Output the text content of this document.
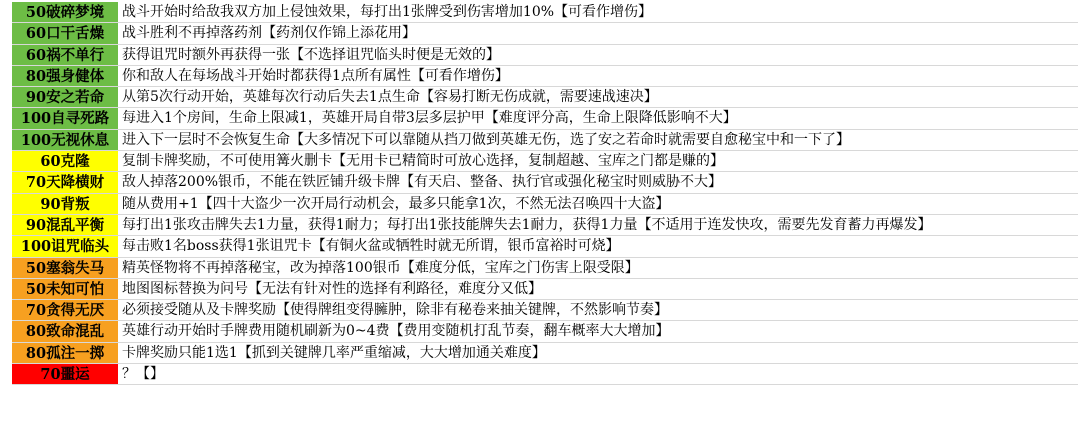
50破碎梦境	战斗开始时给敌我双方加上侵蚀效果，每打出1张牌受到伤害增加10%【可看作增伤】
60口干舌燥	战斗胜利不再掉落药剂【药剂仅作锦上添花用】
60祸不单行	获得诅咒时额外再获得一张【不选择诅咒临头时便是无效的】
80强身健体	你和敌人在每场战斗开始时都获得1点所有属性【可看作增伤】
90安之若命	从第5次行动开始，英雄每次行动后失去1点生命【容易打断无伤成就，需要速战速决】
100自寻死路 每进入1个房间，生命上限减1，英雄开局自带3层多层护甲【难度评分高，生命上限降低影响不大】
100无视休息 进入下一层时不会恢复生命【大多情况下可以靠随从挡刀做到英雄无伤，选了安之若命时就需要自愈秘宝中和一下了】
60克隆	复制卡牌奖励，不可使用篝火删卡【无用卡已精简时可放心选择，复制超越、宝库之门都是赚的】
70天降横财	敌人掉落200%银币，不能在铁匠铺升级卡牌【有天启、整备、执行官或强化秘宝时则威胁不大】
90背叛	随从费用+1【四十大盗少一次开局行动机会，最多只能拿1次，不然无法召唤四十大盗】
90混乱平衡	每打出1张攻击牌失去1力量，获得1耐力；每打出1张技能牌失去1耐力，获得1力量【不适用于连发快攻，需要先发育蓄力再爆发】
100诅咒临头 每击败1名boss获得1张诅咒卡【有铜火盆或牺牲时就无所谓，银币富裕时可烧】
50塞翁失马	精英怪物将不再掉落秘宝，改为掉落100银币【难度分低，宝库之门伤害上限受限】
50未知可怕	地图图标替换为问号【无法有针对性的选择有利路径，难度分又低】
70贪得无厌	必须接受随从及卡牌奖励【使得牌组变得臃肿，除非有秘卷来抽关键牌，不然影响节奏】
80致命混乱	英雄行动开始时手牌费用随机刷新为0~4费【费用变随机打乱节奏，翻车概率大大增加】
80孤注一掷	卡牌奖励只能1选1【抓到关键牌几率严重缩减，大大增加通关难度】
70噩运	？【】
